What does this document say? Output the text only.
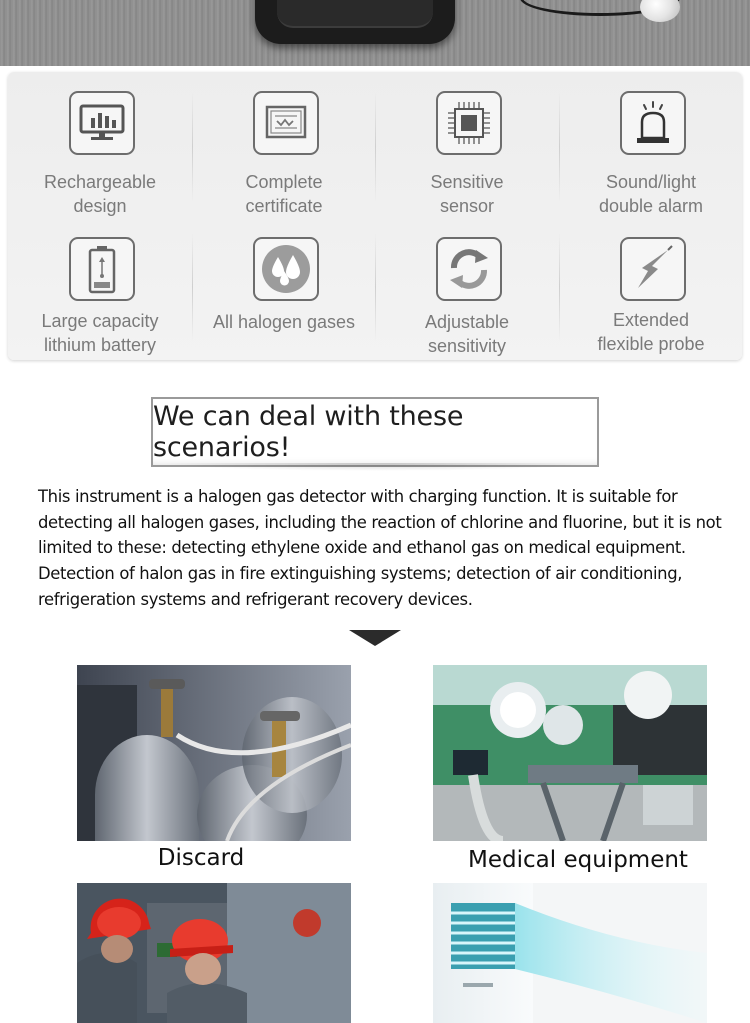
Rechargeable
design
Complete
certificate
Sensitive
sensor
Sound/light
double alarm
Large capacity
lithium battery
All halogen gases	Adjustable
sensitivity
Extended
flexible probe
We can deal with these scenarios!

This instrument is a halogen gas detector with charging function. It is suitable for detecting all halogen gases, including the reaction of chlorine and fluorine, but it is not limited to these: detecting ethylene oxide and ethanol gas on medical equipment. Detection of halon gas in fire extinguishing systems; detection of air conditioning, refrigeration systems and refrigerant recovery devices.

Discard	Medical equipment
